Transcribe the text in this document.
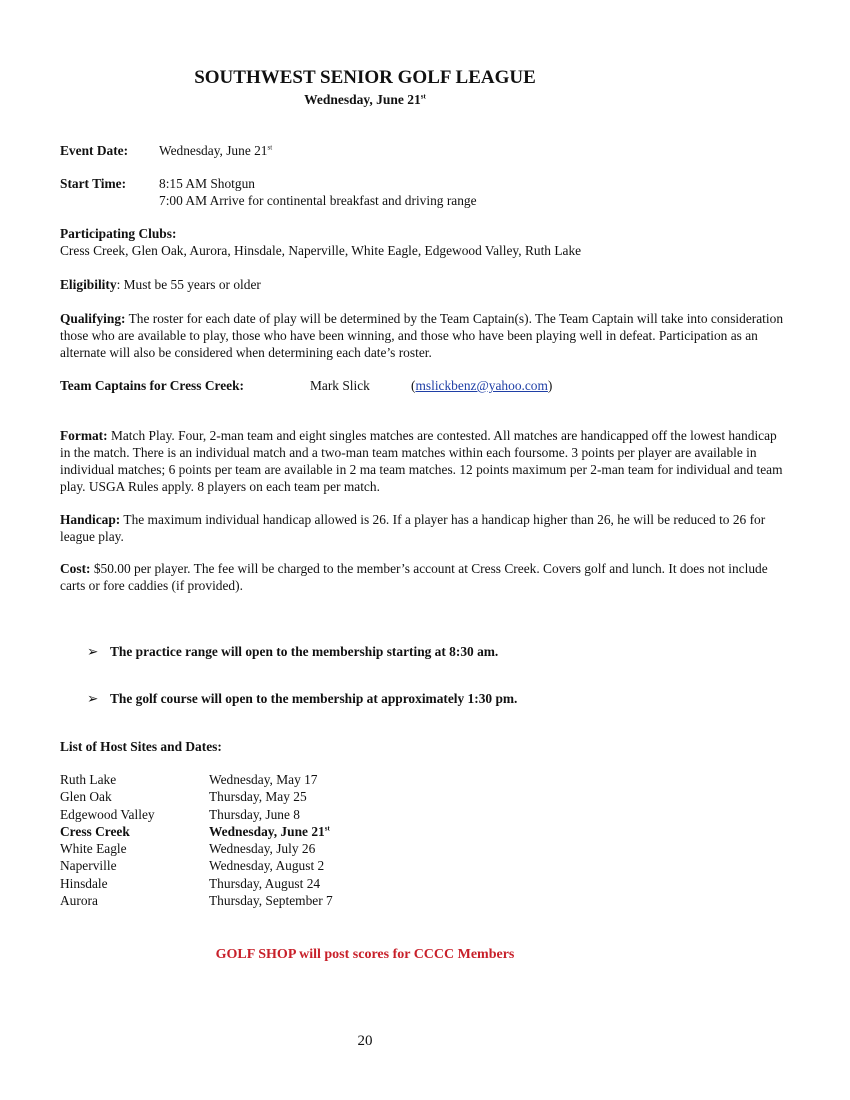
SOUTHWEST SENIOR GOLF LEAGUE
Wednesday, June 21st
Event Date: Wednesday, June 21st
Start Time: 8:15 AM Shotgun
7:00 AM Arrive for continental breakfast and driving range
Participating Clubs:
Cress Creek, Glen Oak, Aurora, Hinsdale, Naperville, White Eagle, Edgewood Valley, Ruth Lake
Eligibility: Must be 55 years or older
Qualifying: The roster for each date of play will be determined by the Team Captain(s). The Team Captain will take into consideration those who are available to play, those who have been winning, and those who have been playing well in defeat. Participation as an alternate will also be considered when determining each date’s roster.
Team Captains for Cress Creek:	Mark Slick	(mslickbenz@yahoo.com)
Format: Match Play. Four, 2-man team and eight singles matches are contested. All matches are handicapped off the lowest handicap in the match. There is an individual match and a two-man team matches within each foursome. 3 points per player are available in individual matches; 6 points per team are available in 2 ma team matches. 12 points maximum per 2-man team for individual and team play. USGA Rules apply. 8 players on each team per match.
Handicap: The maximum individual handicap allowed is 26. If a player has a handicap higher than 26, he will be reduced to 26 for league play.
Cost: $50.00 per player. The fee will be charged to the member’s account at Cress Creek. Covers golf and lunch. It does not include carts or fore caddies (if provided).
➢ The practice range will open to the membership starting at 8:30 am.
➢ The golf course will open to the membership at approximately 1:30 pm.
List of Host Sites and Dates:
Ruth Lake	Wednesday, May 17
Glen Oak	Thursday, May 25
Edgewood Valley	Thursday, June 8
Cress Creek	Wednesday, June 21st
White Eagle	Wednesday, July 26
Naperville	Wednesday, August 2
Hinsdale	Thursday, August 24
Aurora	Thursday, September 7
GOLF SHOP will post scores for CCCC Members
20
